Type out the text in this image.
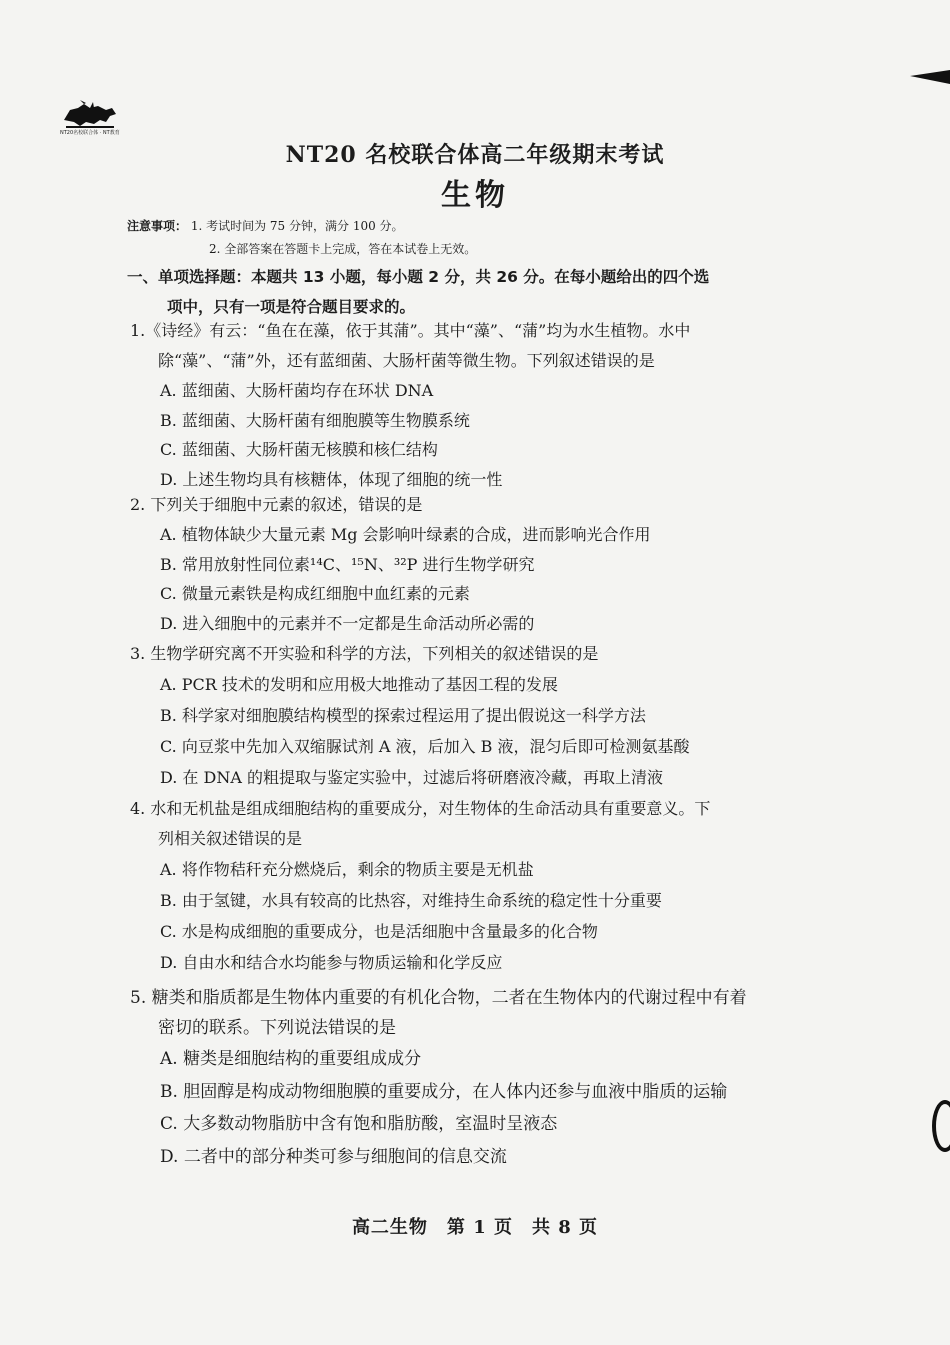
NT20名校联合体 · NT教育
NT20 名校联合体高二年级期末考试
生物
注意事项： 1. 考试时间为 75 分钟，满分 100 分。
2. 全部答案在答题卡上完成，答在本试卷上无效。
一、单项选择题：本题共 13 小题，每小题 2 分，共 26 分。在每小题给出的四个选
项中，只有一项是符合题目要求的。
1.《诗经》有云：“鱼在在藻，依于其蒲”。其中“藻”、“蒲”均为水生植物。水中
除“藻”、“蒲”外，还有蓝细菌、大肠杆菌等微生物。下列叙述错误的是
A. 蓝细菌、大肠杆菌均存在环状 DNA
B. 蓝细菌、大肠杆菌有细胞膜等生物膜系统
C. 蓝细菌、大肠杆菌无核膜和核仁结构
D. 上述生物均具有核糖体，体现了细胞的统一性
2. 下列关于细胞中元素的叙述，错误的是
A. 植物体缺少大量元素 Mg 会影响叶绿素的合成，进而影响光合作用
B. 常用放射性同位素¹⁴C、¹⁵N、³²P 进行生物学研究
C. 微量元素铁是构成红细胞中血红素的元素
D. 进入细胞中的元素并不一定都是生命活动所必需的
3. 生物学研究离不开实验和科学的方法，下列相关的叙述错误的是
A. PCR 技术的发明和应用极大地推动了基因工程的发展
B. 科学家对细胞膜结构模型的探索过程运用了提出假说这一科学方法
C. 向豆浆中先加入双缩脲试剂 A 液，后加入 B 液，混匀后即可检测氨基酸
D. 在 DNA 的粗提取与鉴定实验中，过滤后将研磨液冷藏，再取上清液
4. 水和无机盐是组成细胞结构的重要成分，对生物体的生命活动具有重要意义。下
列相关叙述错误的是
A. 将作物秸秆充分燃烧后，剩余的物质主要是无机盐
B. 由于氢键，水具有较高的比热容，对维持生命系统的稳定性十分重要
C. 水是构成细胞的重要成分，也是活细胞中含量最多的化合物
D. 自由水和结合水均能参与物质运输和化学反应
5. 糖类和脂质都是生物体内重要的有机化合物，二者在生物体内的代谢过程中有着
密切的联系。下列说法错误的是
A. 糖类是细胞结构的重要组成成分
B. 胆固醇是构成动物细胞膜的重要成分，在人体内还参与血液中脂质的运输
C. 大多数动物脂肪中含有饱和脂肪酸，室温时呈液态
D. 二者中的部分种类可参与细胞间的信息交流
高二生物　第 1 页　共 8 页
